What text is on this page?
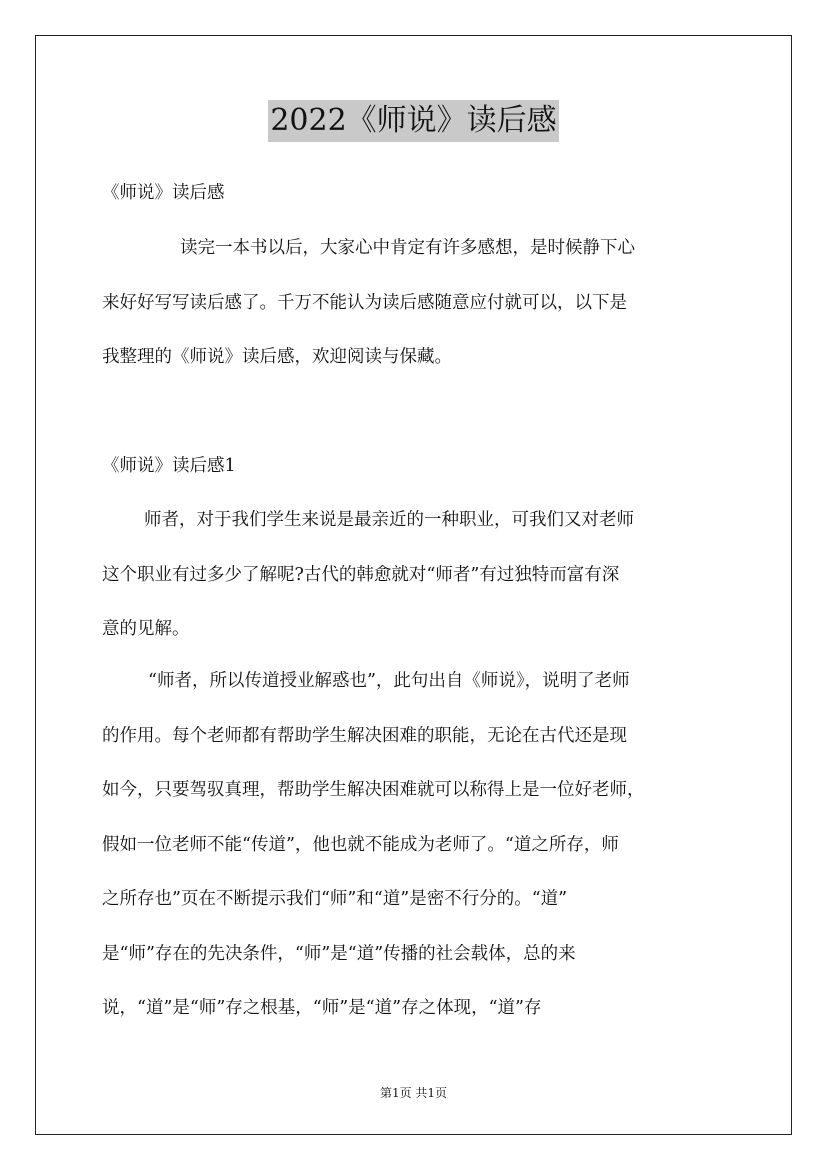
2022《师说》读后感
《师说》读后感
读完一本书以后，大家心中肯定有许多感想，是时候静下心
来好好写写读后感了。千万不能认为读后感随意应付就可以，以下是
我整理的《师说》读后感，欢迎阅读与保藏。
《师说》读后感1
师者，对于我们学生来说是最亲近的一种职业，可我们又对老师
这个职业有过多少了解呢?古代的韩愈就对“师者”有过独特而富有深
意的见解。
“师者，所以传道授业解惑也”，此句出自《师说》，说明了老师
的作用。每个老师都有帮助学生解决困难的职能，无论在古代还是现
如今，只要驾驭真理，帮助学生解决困难就可以称得上是一位好老师，
假如一位老师不能“传道”，他也就不能成为老师了。“道之所存，师
之所存也”页在不断提示我们“师”和“道”是密不行分的。“道”
是“师”存在的先决条件，“师”是“道”传播的社会载体，总的来
说，“道”是“师”存之根基，“师”是“道”存之体现，“道”存
第1页 共1页
